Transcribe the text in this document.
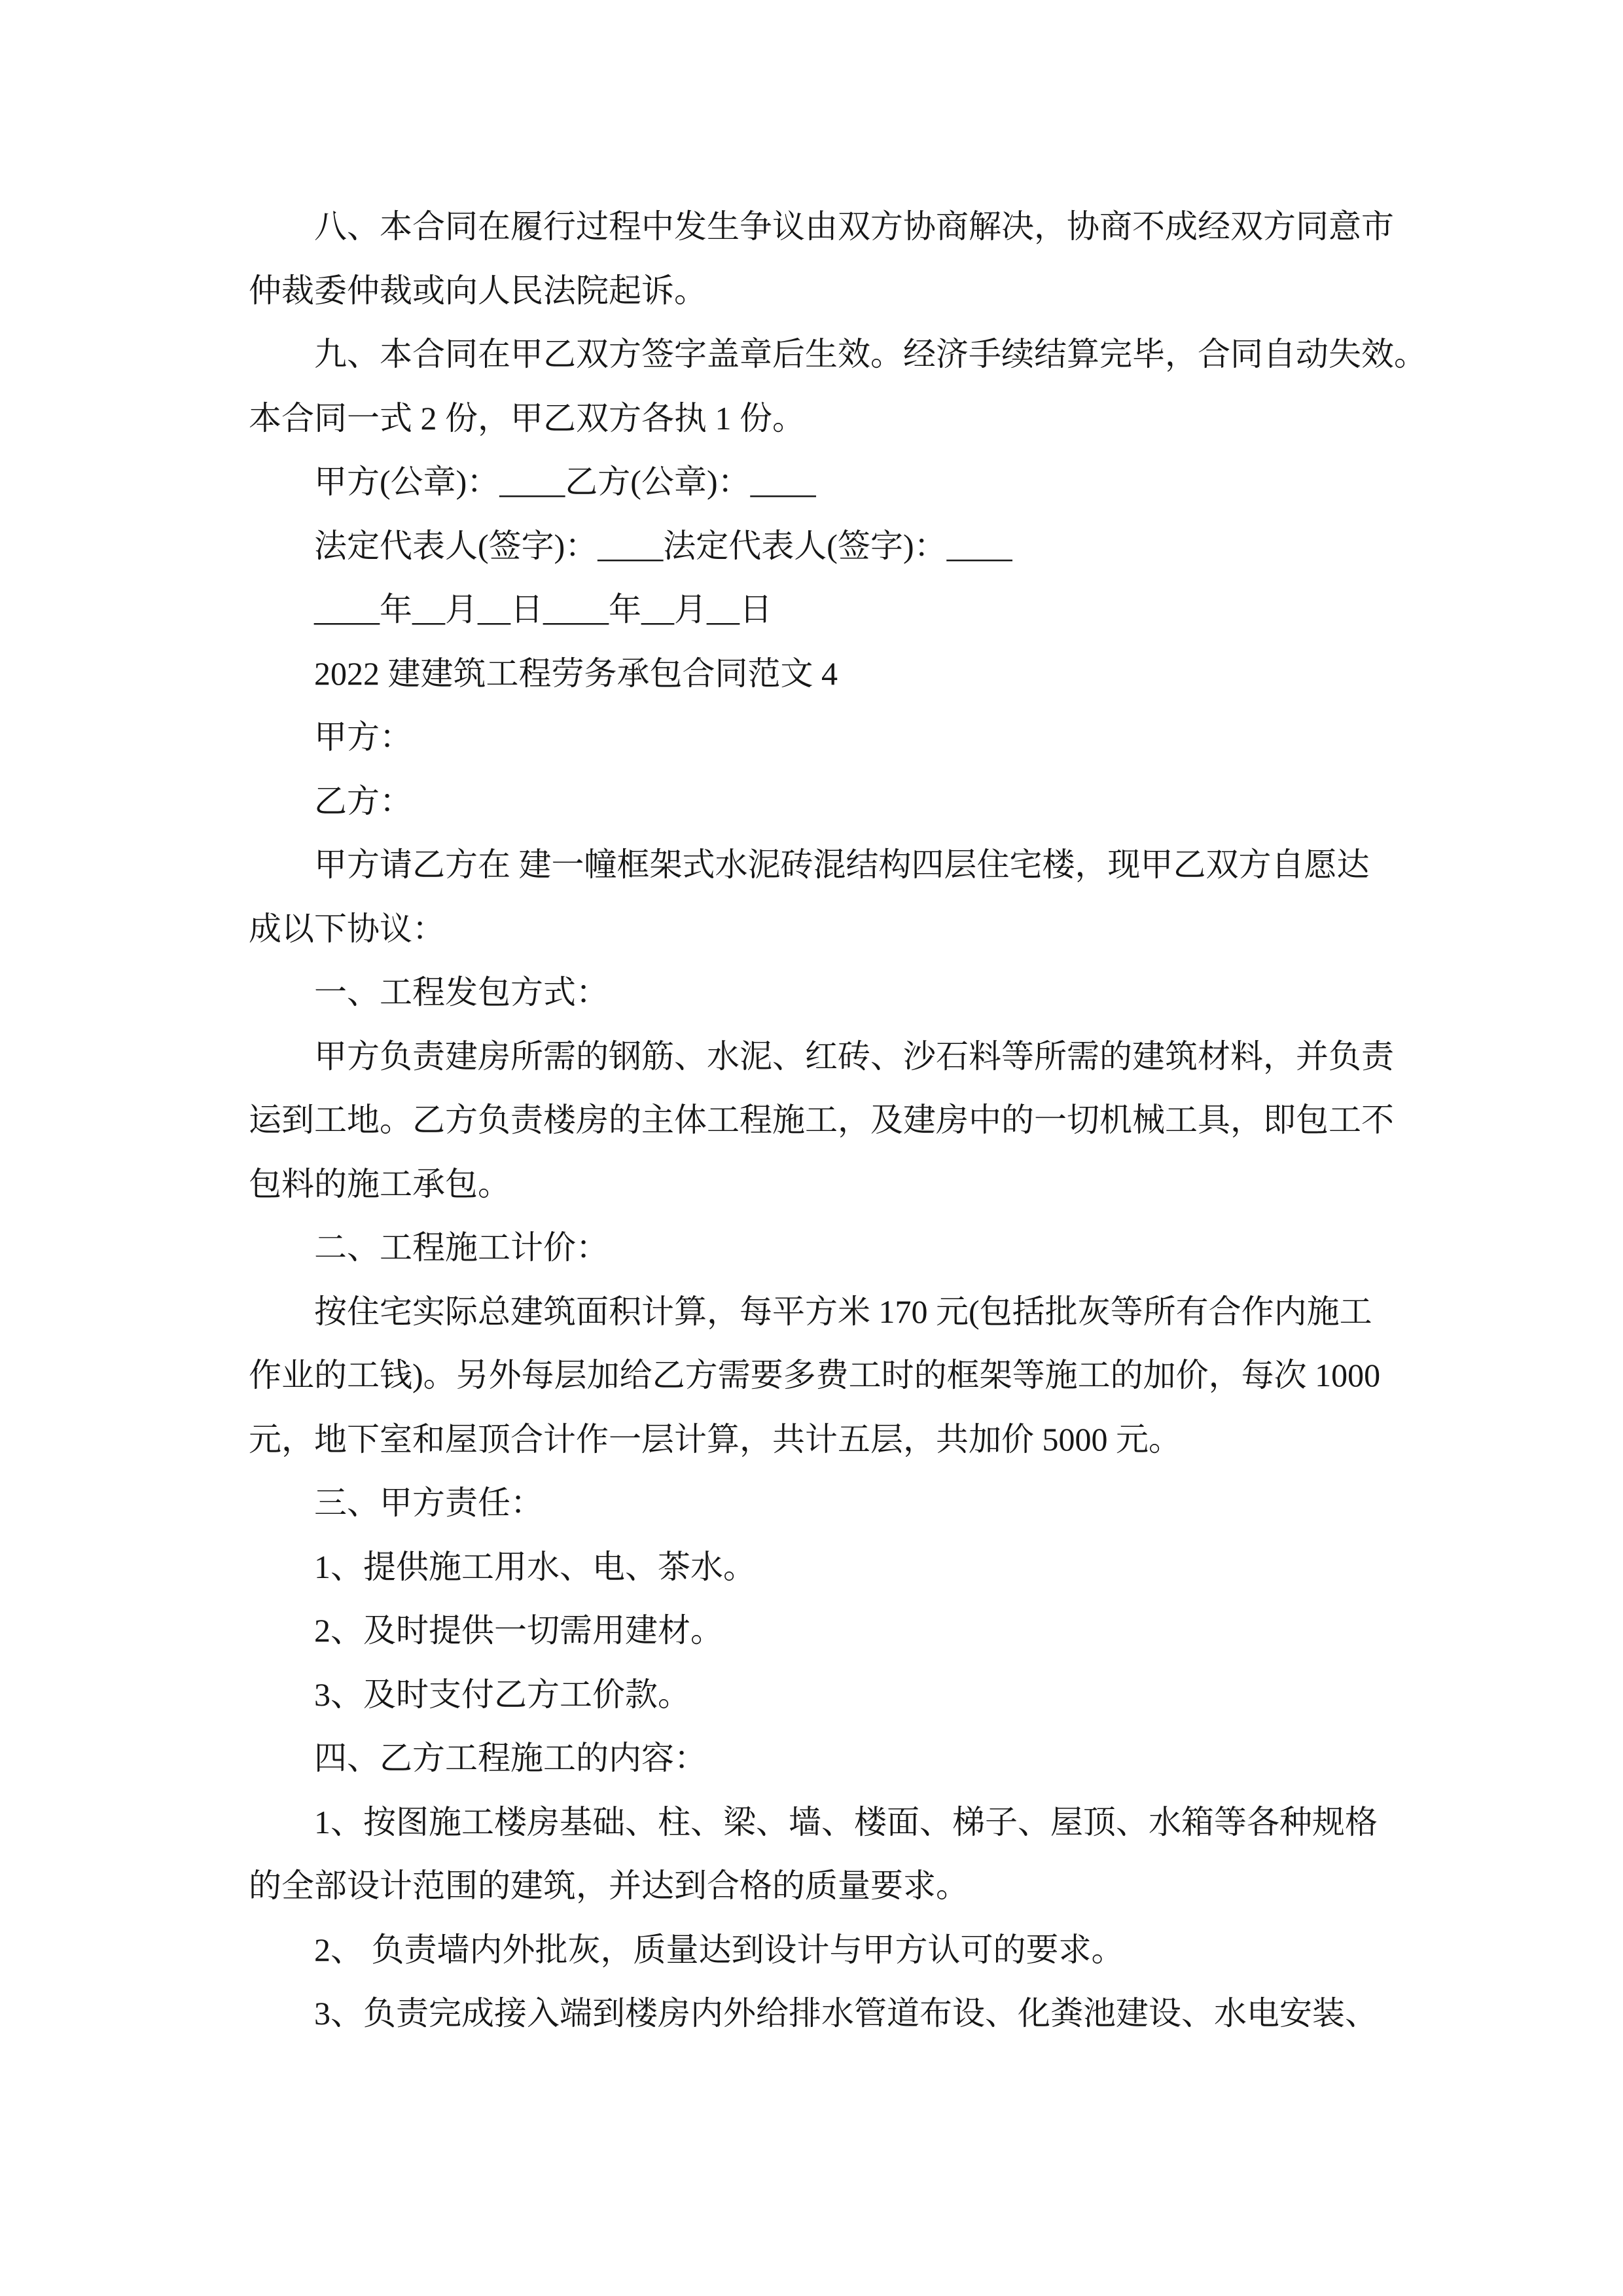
八、本合同在履行过程中发生争议由双方协商解决，协商不成经双方同意市
仲裁委仲裁或向人民法院起诉。
九、本合同在甲乙双方签字盖章后生效。经济手续结算完毕，合同自动失效。
本合同一式 2 份，甲乙双方各执 1 份。
甲方(公章)：____乙方(公章)：____
法定代表人(签字)：____法定代表人(签字)：____
____年__月__日____年__月__日
2022 建建筑工程劳务承包合同范文 4
甲方：
乙方：
甲方请乙方在 建一幢框架式水泥砖混结构四层住宅楼，现甲乙双方自愿达
成以下协议：
一、工程发包方式：
甲方负责建房所需的钢筋、水泥、红砖、沙石料等所需的建筑材料，并负责
运到工地。乙方负责楼房的主体工程施工，及建房中的一切机械工具，即包工不
包料的施工承包。
二、工程施工计价：
按住宅实际总建筑面积计算，每平方米 170 元(包括批灰等所有合作内施工
作业的工钱)。另外每层加给乙方需要多费工时的框架等施工的加价，每次 1000
元，地下室和屋顶合计作一层计算，共计五层，共加价 5000 元。
三、甲方责任：
1、提供施工用水、电、茶水。
2、及时提供一切需用建材。
3、及时支付乙方工价款。
四、乙方工程施工的内容：
1、按图施工楼房基础、柱、梁、墙、楼面、梯子、屋顶、水箱等各种规格
的全部设计范围的建筑，并达到合格的质量要求。
2、 负责墙内外批灰，质量达到设计与甲方认可的要求。
3、负责完成接入端到楼房内外给排水管道布设、化粪池建设、水电安装、
